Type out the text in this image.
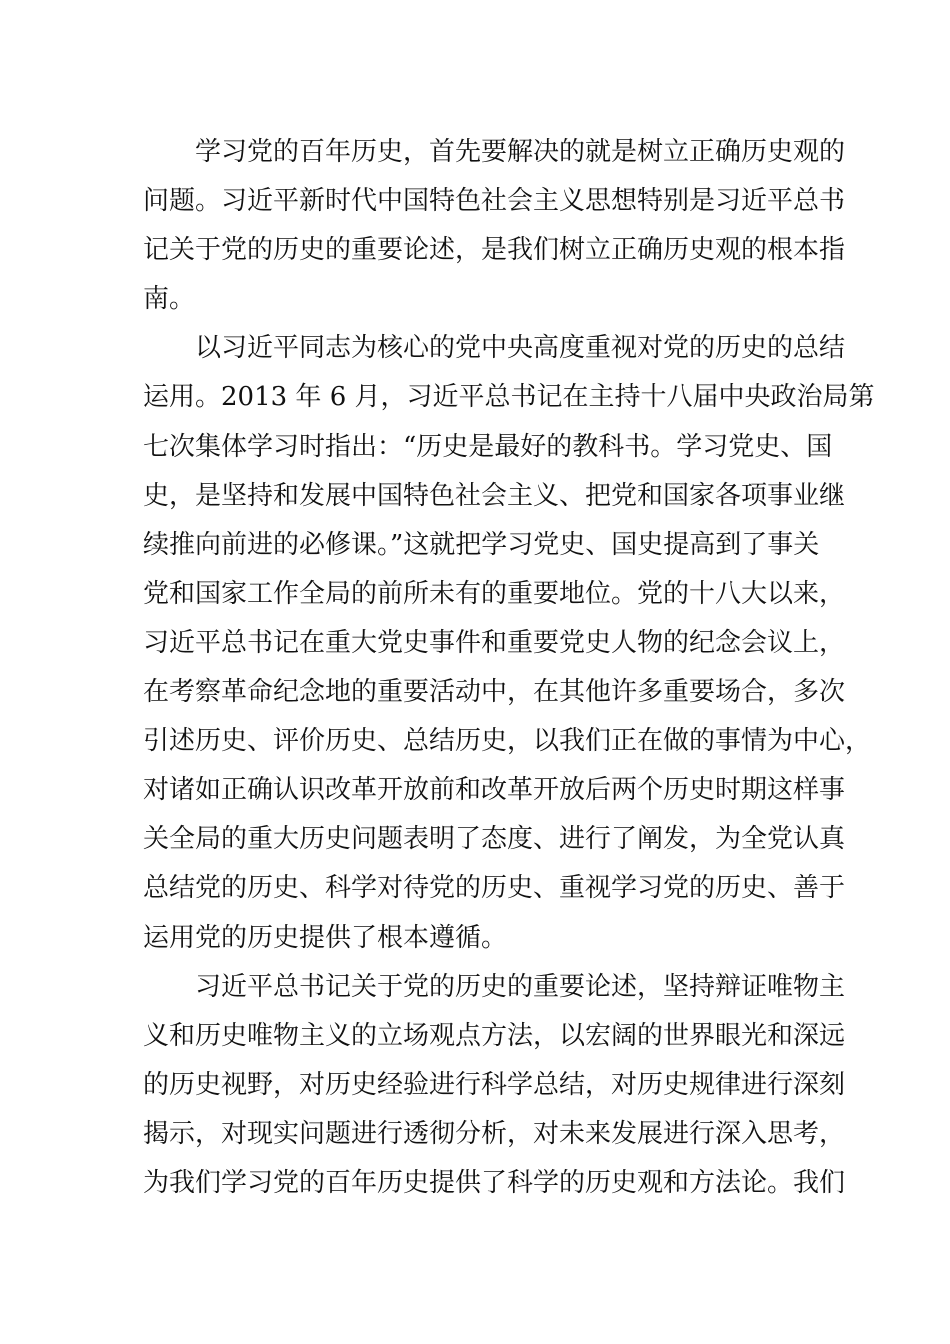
学习党的百年历史，首先要解决的就是树立正确历史观的
问题。习近平新时代中国特色社会主义思想特别是习近平总书
记关于党的历史的重要论述，是我们树立正确历史观的根本指
南。
以习近平同志为核心的党中央高度重视对党的历史的总结
运用。2013 年 6 月，习近平总书记在主持十八届中央政治局第
七次集体学习时指出：“历史是最好的教科书。学习党史、国
史，是坚持和发展中国特色社会主义、把党和国家各项事业继
续推向前进的必修课。”这就把学习党史、国史提高到了事关
党和国家工作全局的前所未有的重要地位。党的十八大以来，
习近平总书记在重大党史事件和重要党史人物的纪念会议上，
在考察革命纪念地的重要活动中，在其他许多重要场合，多次
引述历史、评价历史、总结历史，以我们正在做的事情为中心，
对诸如正确认识改革开放前和改革开放后两个历史时期这样事
关全局的重大历史问题表明了态度、进行了阐发，为全党认真
总结党的历史、科学对待党的历史、重视学习党的历史、善于
运用党的历史提供了根本遵循。
习近平总书记关于党的历史的重要论述，坚持辩证唯物主
义和历史唯物主义的立场观点方法，以宏阔的世界眼光和深远
的历史视野，对历史经验进行科学总结，对历史规律进行深刻
揭示，对现实问题进行透彻分析，对未来发展进行深入思考，
为我们学习党的百年历史提供了科学的历史观和方法论。我们
